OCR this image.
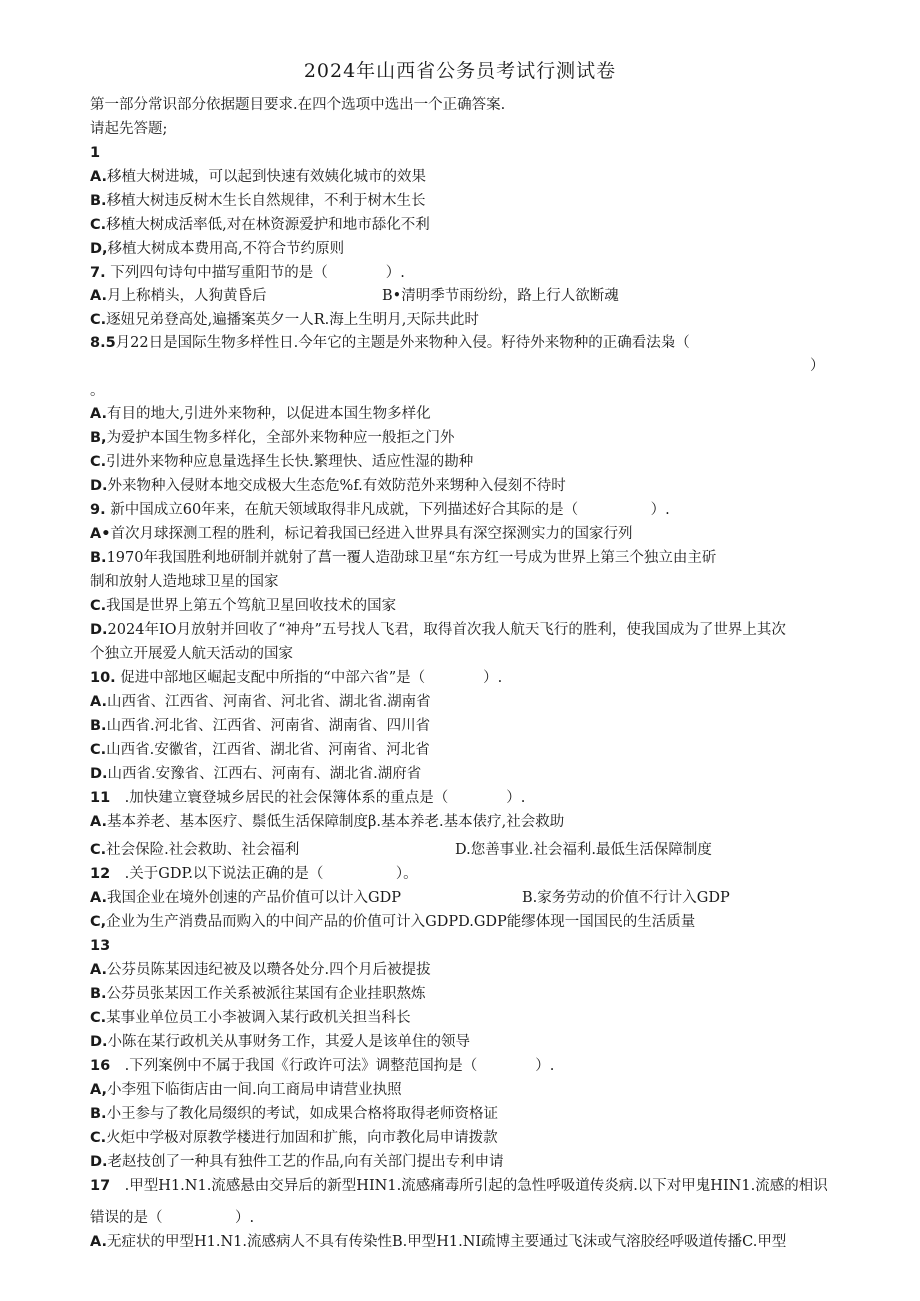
2024年山西省公务员考试行测试卷
第一部分常识部分依据题目要求.在四个选项中选出一个正确答案.
请起先答题;
1
A.移植大树进城，可以起到快速有效姨化城市的效果
B.移植大树违反树木生长自然规律，不利于树木生长
C.移植大树成活率低,对在林资源爱护和地市舔化不利
D,移植大树成本费用高,不符合节约原则
7. 下列四句诗句中描写重阳节的是（　　　　）.
A.月上称梢头，人狗黄昏后
C.逐妞兄弟登高处,遍播案英夕一人R.海上生明月,天际共此时
8.5月22日是国际生物多样性日.今年它的主题是外来物种入侵。籽待外来物种的正确看法枭（
。
A.有目的地大,引进外来物种，以促进本国生物多样化
B,为爱护本国生物多样化，全部外来物种应一般拒之门外
C.引进外来物种应息量选择生长快.繁理快、适应性湿的勘种
D.外来物种入侵财本地交成极大生态危%f.有效防范外来甥种入侵刻不待时
9. 新中国成立60年来，在航天领域取得非凡成就，下列描述好合其际的是（　　　　　）.
A•首次月球探测工程的胜利，标记着我国已经进入世界具有深空探测实力的国家行列
B.1970年我国胜利地研制并就射了菖一覆人造劭球卫星“东方红一号成为世界上第三个独立由主斫
制和放射人造地球卫星的国家
C.我国是世界上第五个笃航卫星回收技术的国家
D.2024年IO月放射并回收了“神舟”五号找人飞君，取得首次我人航天飞行的胜利，使我国成为了世界上其次
个独立开展爱人航天活动的国家
10. 促进中部地区崛起支配中所指的“中部六省”是（　　　　）.
A.山西省、江西省、河南省、河北省、湖北省.湖南省
B.山西省.河北省、江西省、河南省、湖南省、四川省
C.山西省.安徽省，江西省、湖北省、河南省、河北省
D.山西省.安豫省、江西右、河南有、湖北省.湖府省
11　.加快建立寰登城乡居民的社会保簿体系的重点是（　　　　）.
A.基本养老、基本医疗、鬃低生活保障制度β.基本养老.基本俵疗,社会救助
C.社会保险.社会救助、社会福利
12　.关于GDP.以下说法正确的是（　　　　　）。
A.我国企业在境外创速的产品价值可以计入GDP
C,企业为生产消费品而购入的中间产品的价值可计入GDPD.GDP能缪体现一国国民的生活质量
13
A.公芬员陈某因违纪被及以瓒各处分.四个月后被提拔
B.公芬员张某因工作关系被派往某国有企业挂职熬炼
C.某事业单位员工小李被调入某行政机关担当科长
D.小陈在某行政机关从事财务工作，其爱人是该单住的领导
16　.下列案例中不属于我国《行政许可法》调整范国拘是（　　　　）.
A,小李殂下临街店由一间.向工商局申请营业执照
B.小王参与了教化局缀织的考试，如成果合格将取得老师资格证
C.火炬中学极对原教学楼进行加固和扩熊，向市教化局申请拨款
D.老赵技创了一种具有独件工艺的作品,向有关部门提出专利申请
17　.甲型H1.N1.流感悬由交异后的新型HIN1.流感痛毒所引起的急性呼吸道传炎病.以下对甲鬼HIN1.流感的相识
错误的是（　　　　　）.
A.无症状的甲型H1.N1.流感病人不具有传染性B.甲型H1.NI疏博主要通过飞沫或气溶胶经呼吸道传播C.甲型
B•清明季节雨纷纷，路上行人欲断魂
）
D.您善事业.社会福利.最低生活保障制度
B.家务劳动的价值不行计入GDP
